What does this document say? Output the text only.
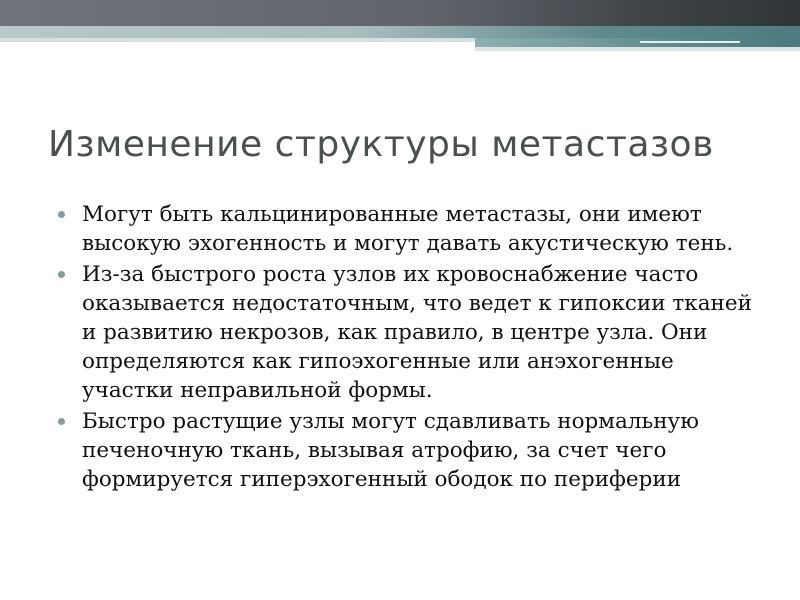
Изменение структуры метастазов
Могут быть кальцинированные метастазы, они имеют высокую эхогенность и могут давать акустическую тень.
Из-за быстрого роста узлов их кровоснабжение часто оказывается недостаточным, что ведет к гипоксии тканей и развитию некрозов, как правило, в центре узла. Они определяются как гипоэхогенные или анэхогенные участки неправильной формы.
Быстро растущие узлы могут сдавливать нормальную печеночную ткань, вызывая атрофию, за счет чего формируется гиперэхогенный ободок по периферии
